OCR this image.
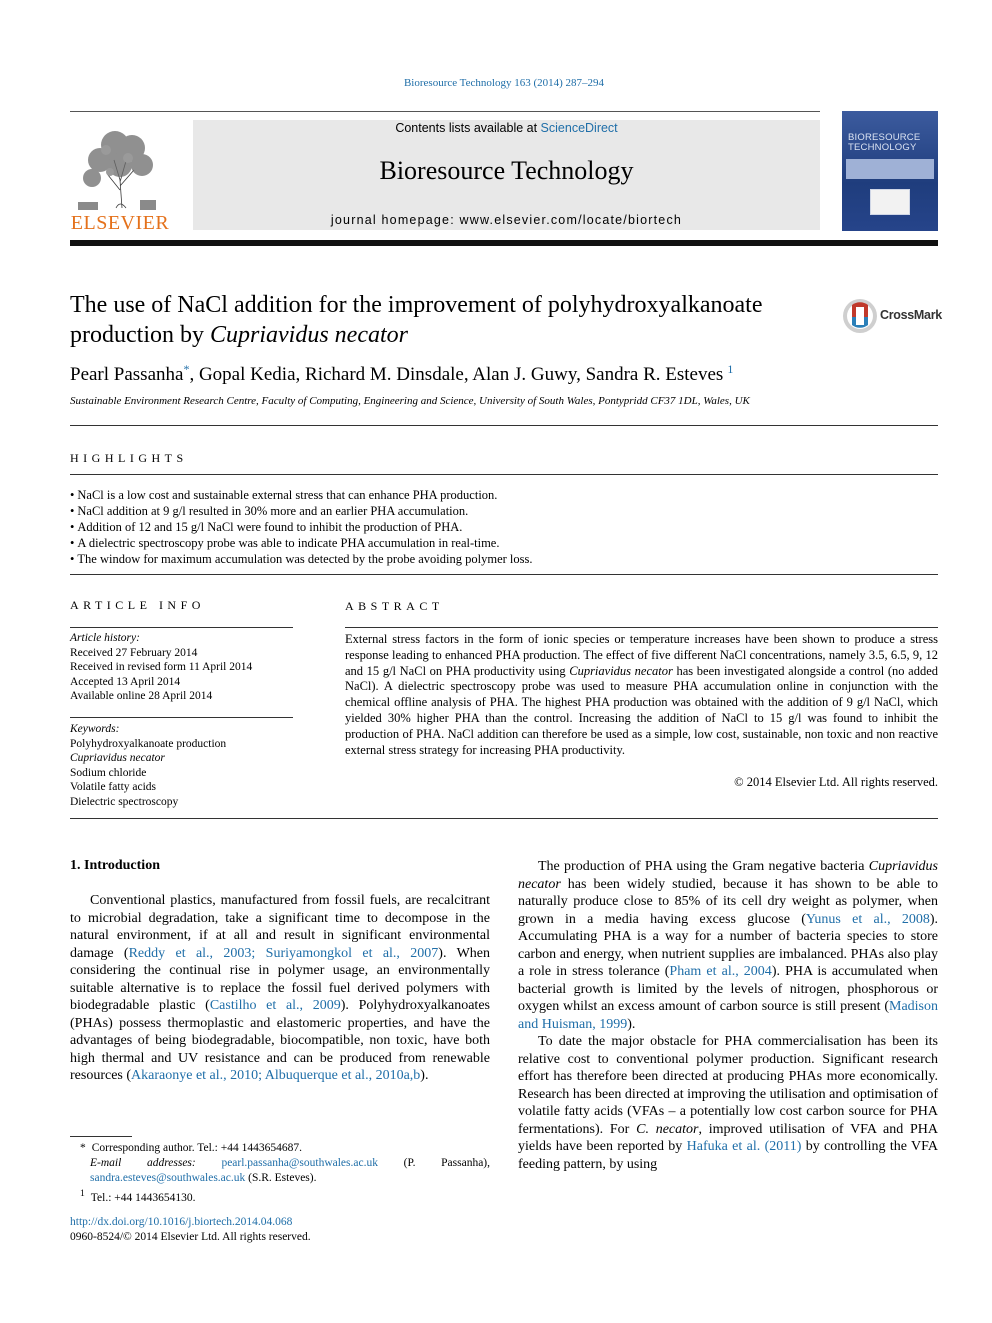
Bioresource Technology 163 (2014) 287–294
Contents lists available at ScienceDirect
Bioresource Technology
journal homepage: www.elsevier.com/locate/biortech
ELSEVIER
BIORESOURCE TECHNOLOGY
The use of NaCl addition for the improvement of polyhydroxyalkanoate production by Cupriavidus necator
CrossMark
Pearl Passanha*, Gopal Kedia, Richard M. Dinsdale, Alan J. Guwy, Sandra R. Esteves $^1$
Sustainable Environment Research Centre, Faculty of Computing, Engineering and Science, University of South Wales, Pontypridd CF37 1DL, Wales, UK
HIGHLIGHTS
• NaCl is a low cost and sustainable external stress that can enhance PHA production.
• NaCl addition at 9 g/l resulted in 30% more and an earlier PHA accumulation.
• Addition of 12 and 15 g/l NaCl were found to inhibit the production of PHA.
• A dielectric spectroscopy probe was able to indicate PHA accumulation in real-time.
• The window for maximum accumulation was detected by the probe avoiding polymer loss.
ARTICLE INFO
Article history:
Received 27 February 2014
Received in revised form 11 April 2014
Accepted 13 April 2014
Available online 28 April 2014
Keywords:
Polyhydroxyalkanoate production
Cupriavidus necator
Sodium chloride
Volatile fatty acids
Dielectric spectroscopy
ABSTRACT
External stress factors in the form of ionic species or temperature increases have been shown to produce a stress response leading to enhanced PHA production. The effect of five different NaCl concentrations, namely 3.5, 6.5, 9, 12 and 15 g/l NaCl on PHA productivity using Cupriavidus necator has been investigated alongside a control (no added NaCl). A dielectric spectroscopy probe was used to measure PHA accumulation online in conjunction with the chemical offline analysis of PHA. The highest PHA production was obtained with the addition of 9 g/l NaCl, which yielded 30% higher PHA than the control. Increasing the addition of NaCl to 15 g/l was found to inhibit the production of PHA. NaCl addition can therefore be used as a simple, low cost, sustainable, non toxic and non reactive external stress strategy for increasing PHA productivity.
© 2014 Elsevier Ltd. All rights reserved.
1. Introduction
Conventional plastics, manufactured from fossil fuels, are recalcitrant to microbial degradation, take a significant time to decompose in the natural environment, if at all and result in significant environmental damage (Reddy et al., 2003; Suriyamongkol et al., 2007). When considering the continual rise in polymer usage, an environmentally suitable alternative is to replace the fossil fuel derived polymers with biodegradable plastic (Castilho et al., 2009). Polyhydroxyalkanoates (PHAs) possess thermoplastic and elastomeric properties, and have the advantages of being biodegradable, biocompatible, non toxic, have both high thermal and UV resistance and can be produced from renewable resources (Akaraonye et al., 2010; Albuquerque et al., 2010a,b).

The production of PHA using the Gram negative bacteria Cupriavidus necator has been widely studied, because it has shown to be able to naturally produce close to 85% of its cell dry weight as polymer, when grown in a media having excess glucose (Yunus et al., 2008). Accumulating PHA is a way for a number of bacteria species to store carbon and energy, when nutrient supplies are imbalanced. PHAs also play a role in stress tolerance (Pham et al., 2004). PHA is accumulated when bacterial growth is limited by the levels of nitrogen, phosphorous or oxygen whilst an excess amount of carbon source is still present (Madison and Huisman, 1999).

To date the major obstacle for PHA commercialisation has been its relative cost to conventional polymer production. Significant research effort has therefore been directed at producing PHAs more economically. Research has been directed at improving the utilisation and optimisation of volatile fatty acids (VFAs – a potentially low cost carbon source for PHA fermentations). For C. necator, improved utilisation of VFA and PHA yields have been reported by Hafuka et al. (2011) by controlling the VFA feeding pattern, by using

* Corresponding author. Tel.: +44 1443654687.
E-mail addresses: pearl.passanha@southwales.ac.uk (P. Passanha), sandra.esteves@southwales.ac.uk (S.R. Esteves).
$^1$ Tel.: +44 1443654130.
http://dx.doi.org/10.1016/j.biortech.2014.04.068
0960-8524/© 2014 Elsevier Ltd. All rights reserved.
